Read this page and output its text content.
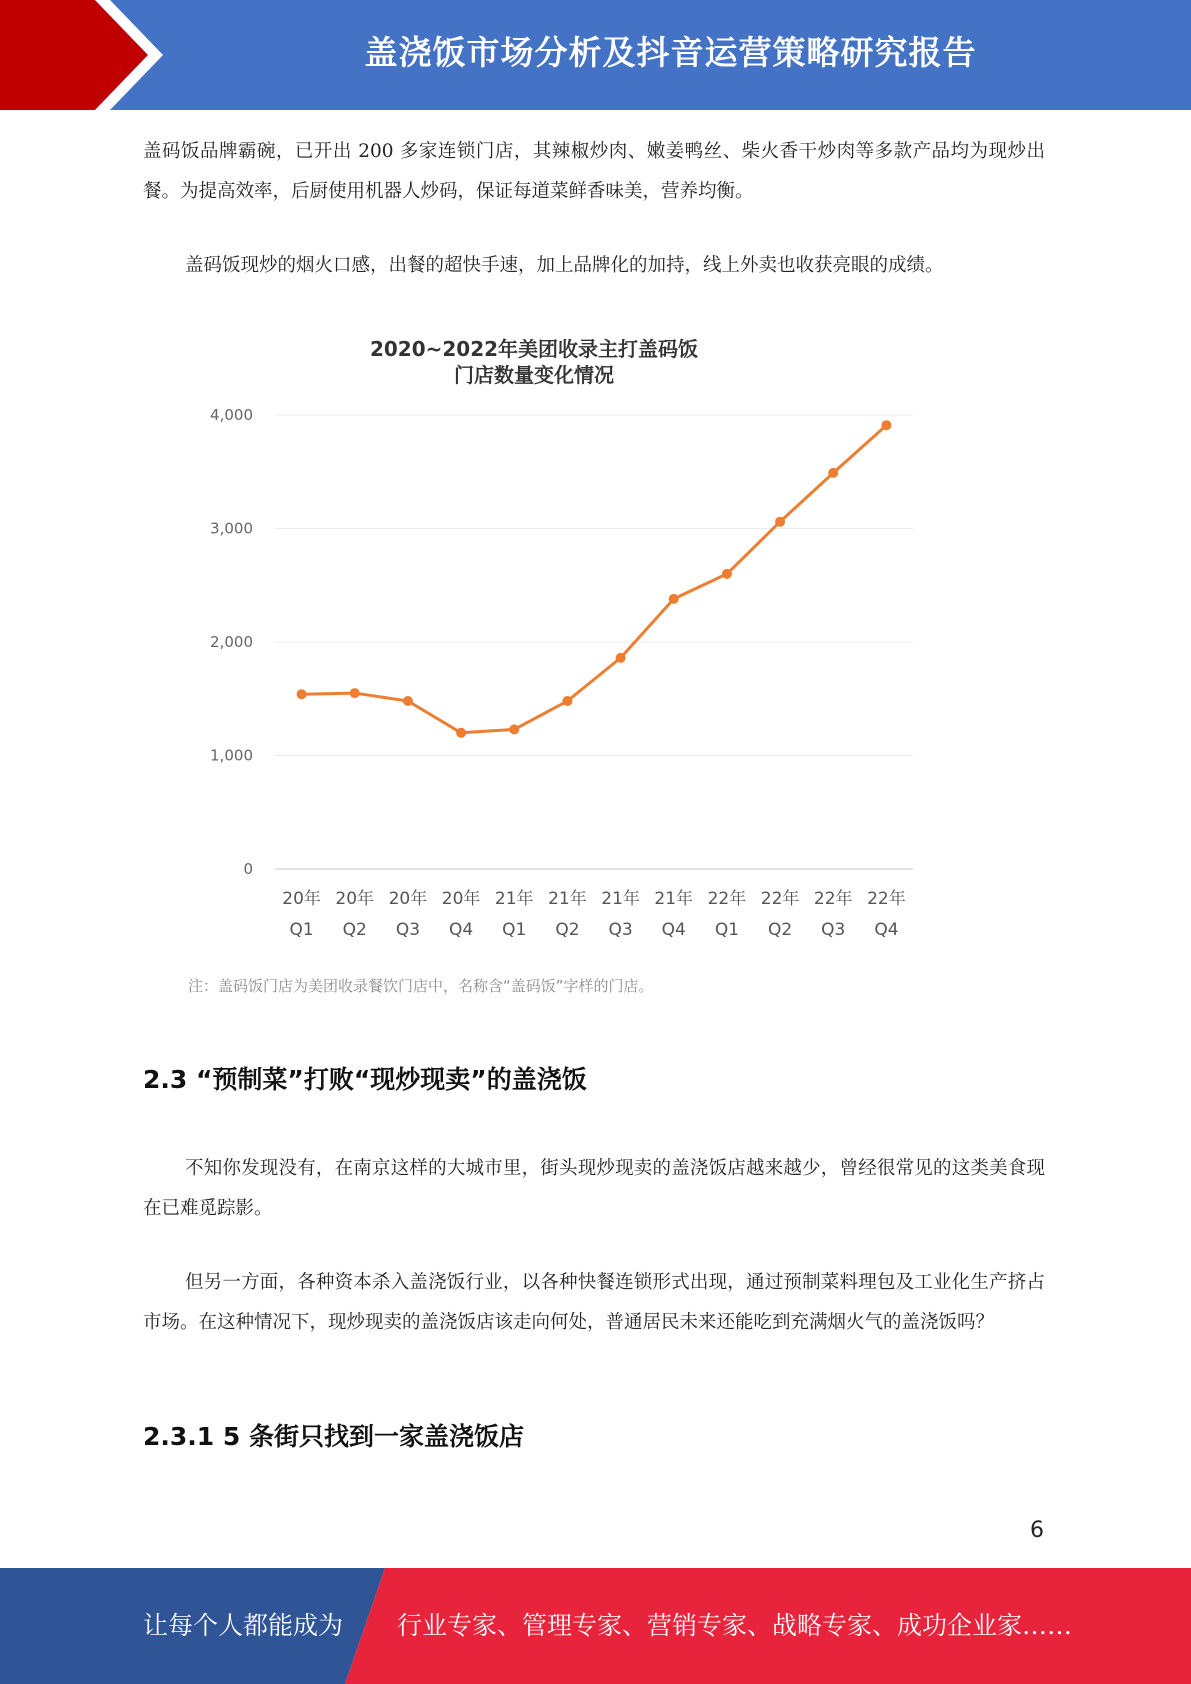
盖浇饭市场分析及抖音运营策略研究报告

盖码饭品牌霸碗，已开出 200 多家连锁门店，其辣椒炒肉、嫩姜鸭丝、柴火香干炒肉等多款产品均为现炒出餐。为提高效率，后厨使用机器人炒码，保证每道菜鲜香味美，营养均衡。

盖码饭现炒的烟火口感，出餐的超快手速，加上品牌化的加持，线上外卖也收获亮眼的成绩。

2020~2022年美团收录主打盖码饭
门店数量变化情况
0
1,000
2,000
3,000
4,000
20年
Q1
20年
Q2
20年
Q3
20年
Q4
21年
Q1
21年
Q2
21年
Q3
21年
Q4
22年
Q1
22年
Q2
22年
Q3
22年
Q4

注：盖码饭门店为美团收录餐饮门店中，名称含“盖码饭”字样的门店。

2.3 “预制菜”打败“现炒现卖”的盖浇饭

不知你发现没有，在南京这样的大城市里，街头现炒现卖的盖浇饭店越来越少，曾经很常见的这类美食现在已难觅踪影。

但另一方面，各种资本杀入盖浇饭行业，以各种快餐连锁形式出现，通过预制菜料理包及工业化生产挤占市场。在这种情况下，现炒现卖的盖浇饭店该走向何处，普通居民未来还能吃到充满烟火气的盖浇饭吗？

2.3.1 5 条街只找到一家盖浇饭店
6
让每个人都能成为 行业专家、管理专家、营销专家、战略专家、成功企业家……
